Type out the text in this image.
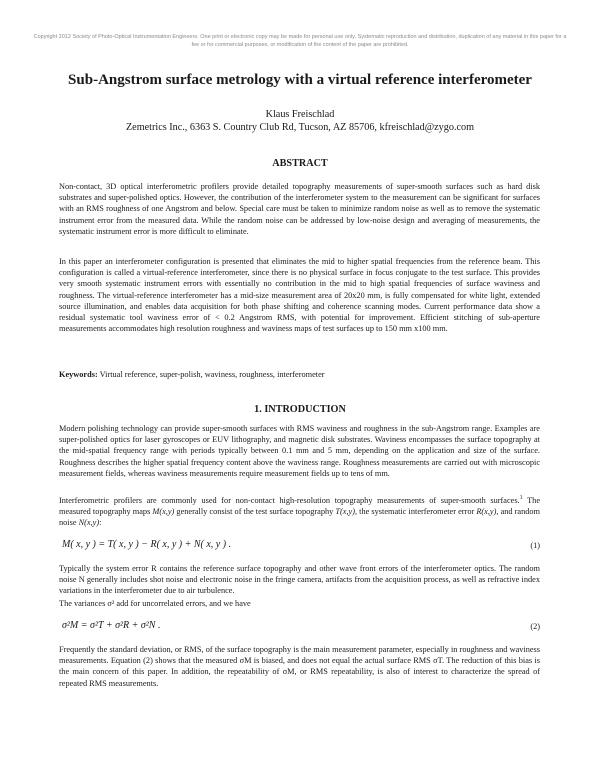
Copyright 2012 Society of Photo-Optical Instrumentation Engineers. One print or electronic copy may be made for personal use only. Systematic reproduction and distribution, duplication of any material in this paper for a fee or for commercial purposes, or modification of the content of the paper are prohibited.
Sub-Angstrom surface metrology with a virtual reference interferometer
Klaus Freischlad
Zemetrics Inc., 6363 S. Country Club Rd, Tucson, AZ 85706, kfreischlad@zygo.com
ABSTRACT
Non-contact, 3D optical interferometric profilers provide detailed topography measurements of super-smooth surfaces such as hard disk substrates and super-polished optics. However, the contribution of the interferometer system to the measurement can be significant for surfaces with an RMS roughness of one Angstrom and below. Special care must be taken to minimize random noise as well as to remove the systematic instrument error from the measured data. While the random noise can be addressed by low-noise design and averaging of measurements, the systematic instrument error is more difficult to eliminate.
In this paper an interferometer configuration is presented that eliminates the mid to higher spatial frequencies from the reference beam. This configuration is called a virtual-reference interferometer, since there is no physical surface in focus conjugate to the test surface. This provides very smooth systematic instrument errors with essentially no contribution in the mid to high spatial frequencies of surface waviness and roughness. The virtual-reference interferometer has a mid-size measurement area of 20x20 mm, is fully compensated for white light, extended source illumination, and enables data acquisition for both phase shifting and coherence scanning modes. Current performance data show a residual systematic tool waviness error of < 0.2 Angstrom RMS, with potential for improvement. Efficient stitching of sub-aperture measurements accommodates high resolution roughness and waviness maps of test surfaces up to 150 mm x100 mm.
Keywords: Virtual reference, super-polish, waviness, roughness, interferometer
1. INTRODUCTION
Modern polishing technology can provide super-smooth surfaces with RMS waviness and roughness in the sub-Angstrom range. Examples are super-polished optics for laser gyroscopes or EUV lithography, and magnetic disk substrates. Waviness encompasses the surface topography at the mid-spatial frequency range with periods typically between 0.1 mm and 5 mm, depending on the application and size of the surface. Roughness describes the higher spatial frequency content above the waviness range. Roughness measurements are carried out with microscopic measurement fields, whereas waviness measurements require measurement fields up to tens of mm.
Interferometric profilers are commonly used for non-contact high-resolution topography measurements of super-smooth surfaces.$^1$ The measured topography maps M(x,y) generally consist of the test surface topography T(x,y), the systematic interferometer error R(x,y), and random noise N(x,y):
M( x, y ) = T( x, y ) − R( x, y ) + N( x, y ) .	(1)
Typically the system error R contains the reference surface topography and other wave front errors of the interferometer optics. The random noise N generally includes shot noise and electronic noise in the fringe camera, artifacts from the acquisition process, as well as refractive index variations in the interferometer due to air turbulence.
The variances σ² add for uncorrelated errors, and we have
σ²M = σ²T + σ²R + σ²N .	(2)
Frequently the standard deviation, or RMS, of the surface topography is the main measurement parameter, especially in roughness and waviness measurements. Equation (2) shows that the measured σM is biased, and does not equal the actual surface RMS σT. The reduction of this bias is the main concern of this paper. In addition, the repeatability of σM, or RMS repeatability, is also of interest to characterize the spread of repeated RMS measurements.
